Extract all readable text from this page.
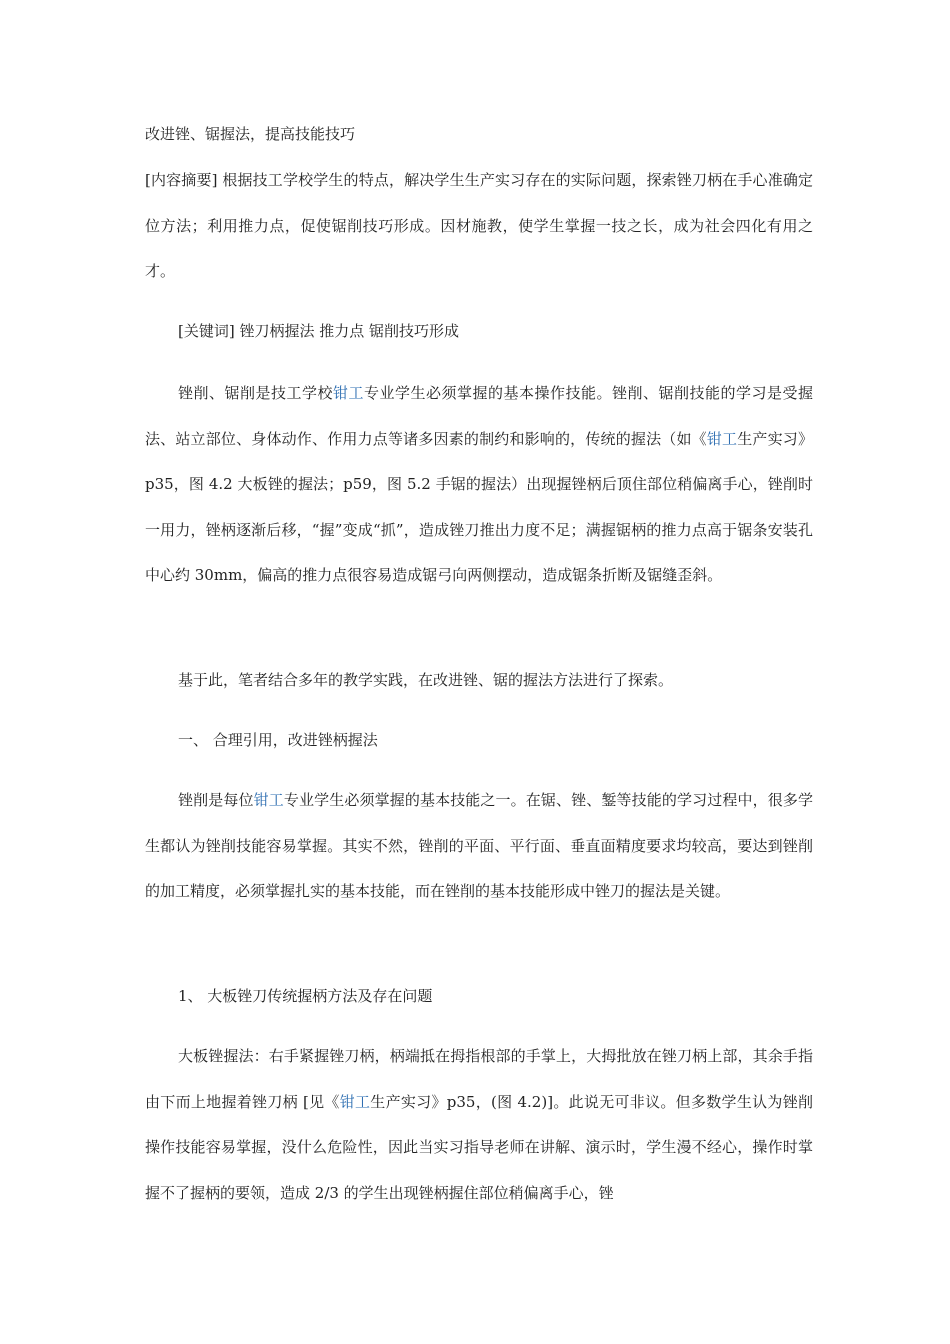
改进锉、锯握法，提高技能技巧

[内容摘要] 根据技工学校学生的特点，解决学生生产实习存在的实际问题，探索锉刀柄在手心准确定位方法；利用推力点，促使锯削技巧形成。因材施教，使学生掌握一技之长，成为社会四化有用之才。

[关键词] 锉刀柄握法 推力点 锯削技巧形成

锉削、锯削是技工学校钳工专业学生必须掌握的基本操作技能。锉削、锯削技能的学习是受握法、站立部位、身体动作、作用力点等诸多因素的制约和影响的，传统的握法（如《钳工生产实习》p35，图 4.2 大板锉的握法；p59，图 5.2 手锯的握法）出现握锉柄后顶住部位稍偏离手心，锉削时一用力，锉柄逐渐后移，“握”变成“抓”，造成锉刀推出力度不足；满握锯柄的推力点高于锯条安装孔中心约 30mm，偏高的推力点很容易造成锯弓向两侧摆动，造成锯条折断及锯缝歪斜。

基于此，笔者结合多年的教学实践，在改进锉、锯的握法方法进行了探索。

一、 合理引用，改进锉柄握法

锉削是每位钳工专业学生必须掌握的基本技能之一。在锯、锉、錾等技能的学习过程中，很多学生都认为锉削技能容易掌握。其实不然，锉削的平面、平行面、垂直面精度要求均较高，要达到锉削的加工精度，必须掌握扎实的基本技能，而在锉削的基本技能形成中锉刀的握法是关键。

1、 大板锉刀传统握柄方法及存在问题

大板锉握法：右手紧握锉刀柄，柄端抵在拇指根部的手掌上，大拇批放在锉刀柄上部，其余手指由下而上地握着锉刀柄 [见《钳工生产实习》p35，(图 4.2)]。此说无可非议。但多数学生认为锉削操作技能容易掌握，没什么危险性，因此当实习指导老师在讲解、演示时，学生漫不经心，操作时掌握不了握柄的要领，造成 2/3 的学生出现锉柄握住部位稍偏离手心，锉
